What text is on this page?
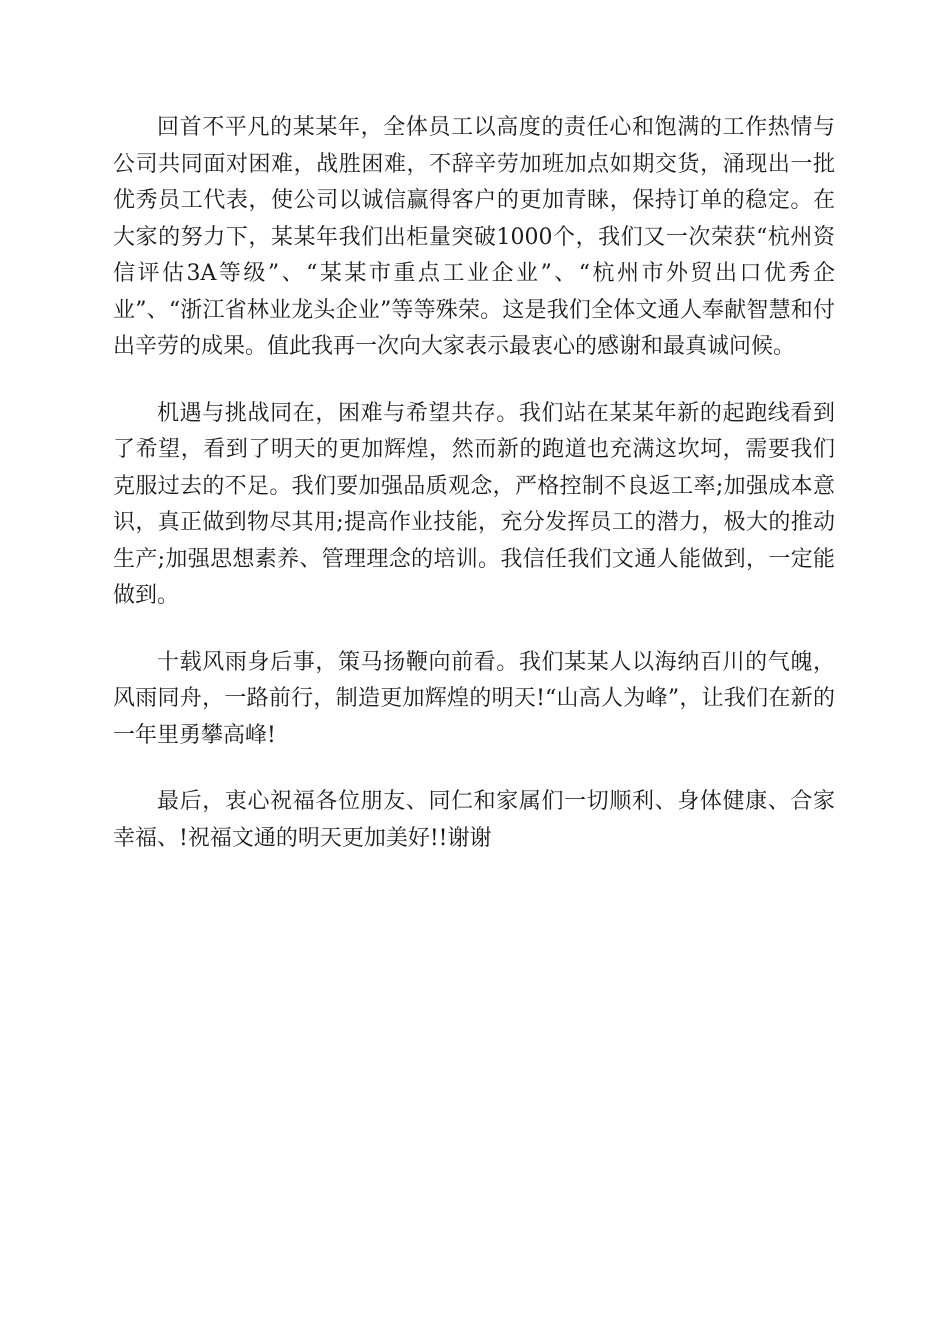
回首不平凡的某某年，全体员工以高度的责任心和饱满的工作热情与公司共同面对困难，战胜困难，不辞辛劳加班加点如期交货，涌现出一批优秀员工代表，使公司以诚信赢得客户的更加青睐，保持订单的稳定。在大家的努力下，某某年我们出柜量突破1000个，我们又一次荣获“杭州资信评估3A等级”、“某某市重点工业企业”、“杭州市外贸出口优秀企业”、“浙江省林业龙头企业”等等殊荣。这是我们全体文通人奉献智慧和付出辛劳的成果。值此我再一次向大家表示最衷心的感谢和最真诚问候。

机遇与挑战同在，困难与希望共存。我们站在某某年新的起跑线看到了希望，看到了明天的更加辉煌，然而新的跑道也充满这坎坷，需要我们克服过去的不足。我们要加强品质观念，严格控制不良返工率;加强成本意识，真正做到物尽其用;提高作业技能，充分发挥员工的潜力，极大的推动生产;加强思想素养、管理理念的培训。我信任我们文通人能做到，一定能做到。

十载风雨身后事，策马扬鞭向前看。我们某某人以海纳百川的气魄，风雨同舟，一路前行，制造更加辉煌的明天!“山高人为峰”，让我们在新的一年里勇攀高峰!

最后，衷心祝福各位朋友、同仁和家属们一切顺利、身体健康、合家幸福、!祝福文通的明天更加美好!!谢谢
